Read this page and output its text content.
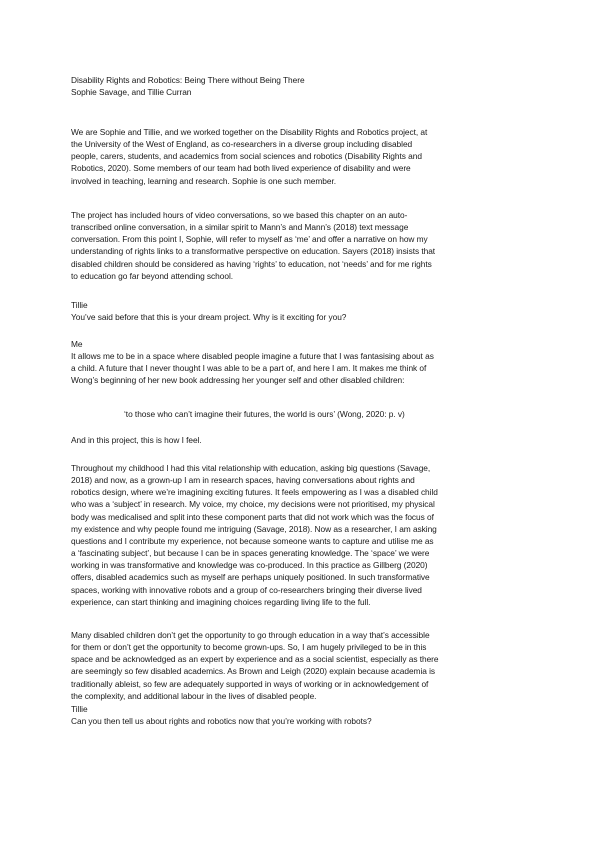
Disability Rights and Robotics: Being There without Being There
Sophie Savage, and Tillie Curran
We are Sophie and Tillie, and we worked together on the Disability Rights and Robotics project, at
the University of the West of England, as co-researchers in a diverse group including disabled
people, carers, students, and academics from social sciences and robotics (Disability Rights and
Robotics, 2020). Some members of our team had both lived experience of disability and were
involved in teaching, learning and research. Sophie is one such member.
The project has included hours of video conversations, so we based this chapter on an auto-
transcribed online conversation, in a similar spirit to Mann’s and Mann’s (2018) text message
conversation. From this point I, Sophie, will refer to myself as ‘me’ and offer a narrative on how my
understanding of rights links to a transformative perspective on education. Sayers (2018) insists that
disabled children should be considered as having ‘rights’ to education, not ‘needs’ and for me rights
to education go far beyond attending school.
Tillie
You’ve said before that this is your dream project. Why is it exciting for you?
Me
It allows me to be in a space where disabled people imagine a future that I was fantasising about as
a child. A future that I never thought I was able to be a part of, and here I am. It makes me think of
Wong’s beginning of her new book addressing her younger self and other disabled children:
‘to those who can’t imagine their futures, the world is ours’ (Wong, 2020: p. v)
And in this project, this is how I feel.
Throughout my childhood I had this vital relationship with education, asking big questions (Savage,
2018) and now, as a grown-up I am in research spaces, having conversations about rights and
robotics design, where we’re imagining exciting futures. It feels empowering as I was a disabled child
who was a ‘subject’ in research. My voice, my choice, my decisions were not prioritised, my physical
body was medicalised and split into these component parts that did not work which was the focus of
my existence and why people found me intriguing (Savage, 2018). Now as a researcher, I am asking
questions and I contribute my experience, not because someone wants to capture and utilise me as
a ‘fascinating subject’, but because I can be in spaces generating knowledge. The ‘space’ we were
working in was transformative and knowledge was co-produced. In this practice as Gillberg (2020)
offers, disabled academics such as myself are perhaps uniquely positioned. In such transformative
spaces, working with innovative robots and a group of co-researchers bringing their diverse lived
experience, can start thinking and imagining choices regarding living life to the full.
Many disabled children don’t get the opportunity to go through education in a way that’s accessible
for them or don’t get the opportunity to become grown-ups. So, I am hugely privileged to be in this
space and be acknowledged as an expert by experience and as a social scientist, especially as there
are seemingly so few disabled academics. As Brown and Leigh (2020) explain because academia is
traditionally ableist, so few are adequately supported in ways of working or in acknowledgement of
the complexity, and additional labour in the lives of disabled people.
Tillie
Can you then tell us about rights and robotics now that you’re working with robots?
